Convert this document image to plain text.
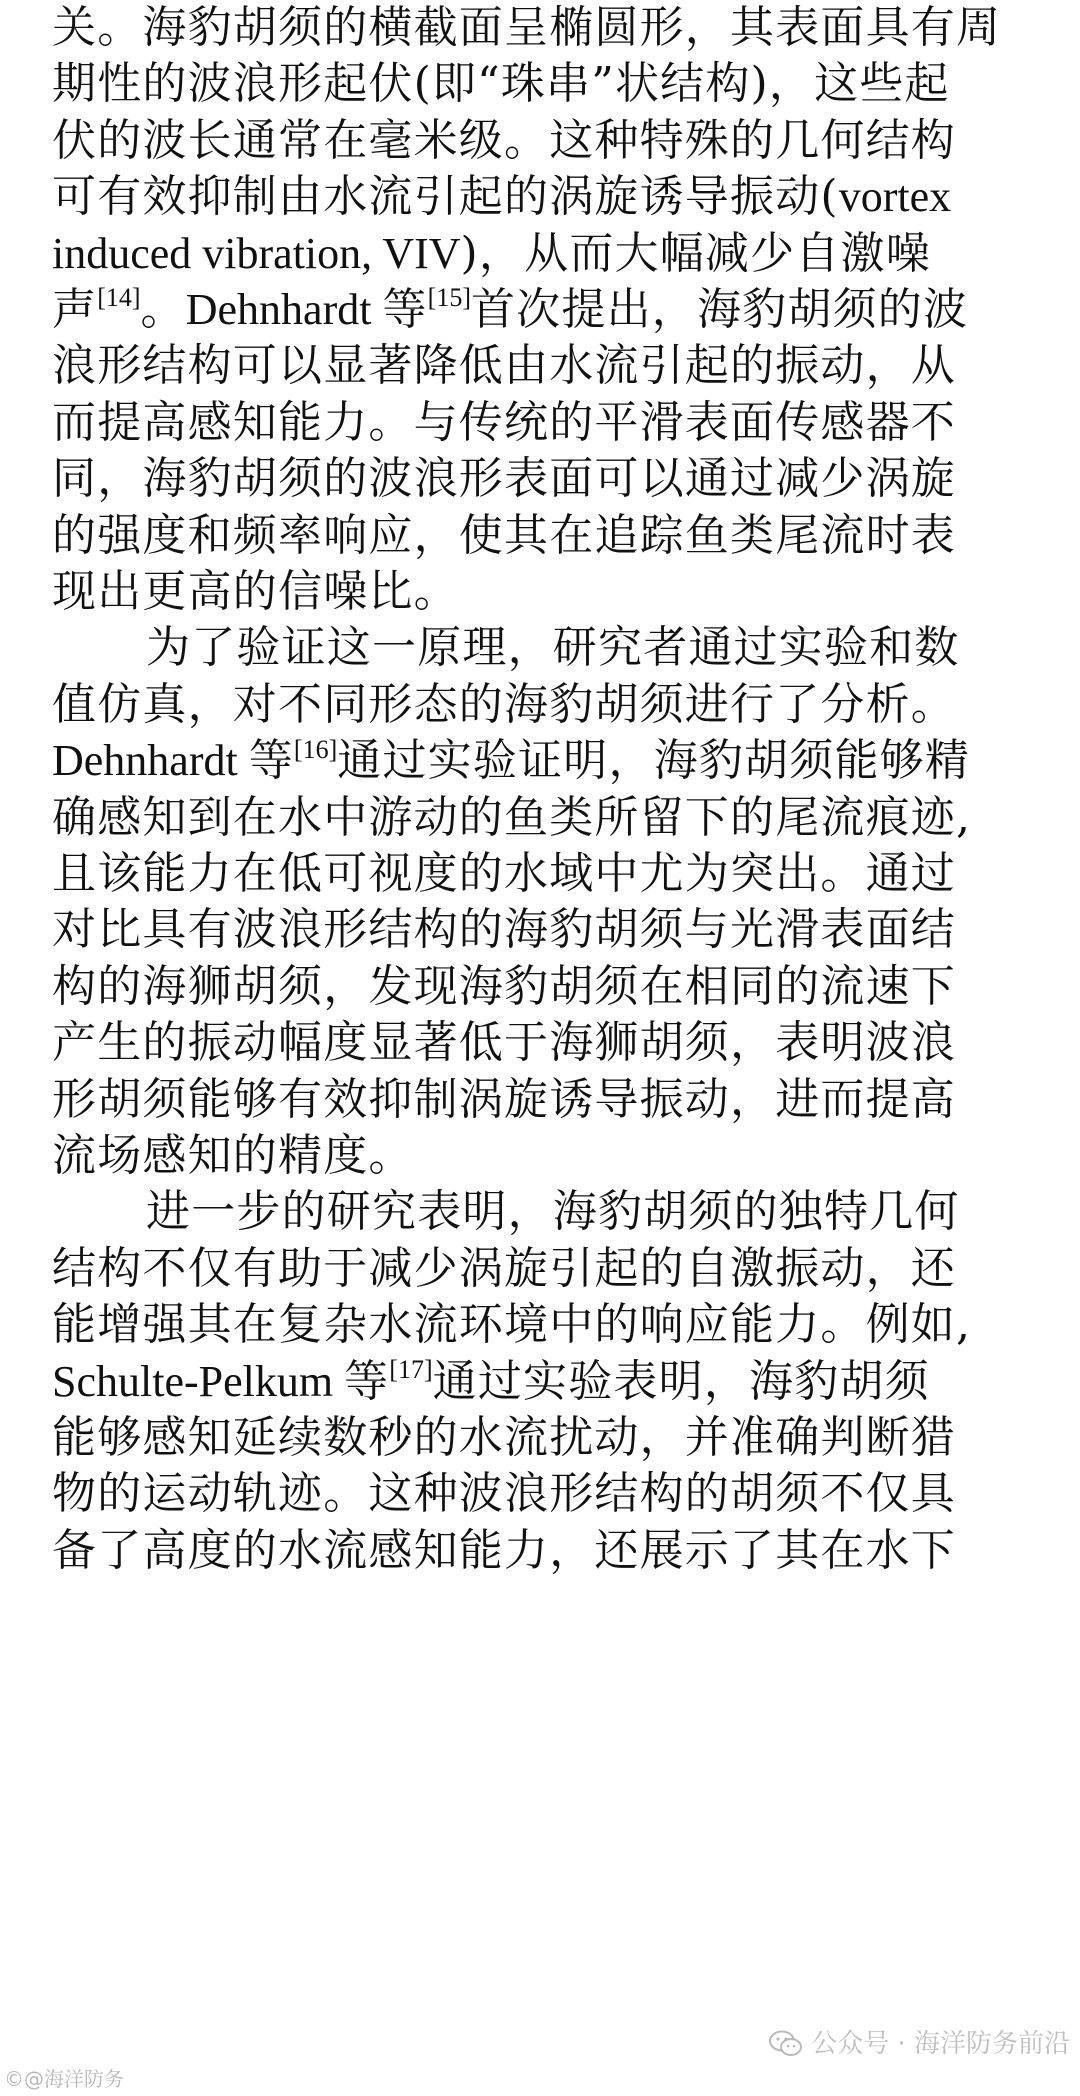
关。海豹胡须的横截面呈椭圆形，其表面具有周
期性的波浪形起伏(即“珠串”状结构)，这些起
伏的波长通常在毫米级。这种特殊的几何结构
可有效抑制由水流引起的涡旋诱导振动(vortex
induced vibration, VIV)，从而大幅减少自激噪
声[14]。Dehnhardt 等[15]首次提出，海豹胡须的波
浪形结构可以显著降低由水流引起的振动，从
而提高感知能力。与传统的平滑表面传感器不
同，海豹胡须的波浪形表面可以通过减少涡旋
的强度和频率响应，使其在追踪鱼类尾流时表
现出更高的信噪比。
为了验证这一原理，研究者通过实验和数
值仿真，对不同形态的海豹胡须进行了分析。
Dehnhardt 等[16]通过实验证明，海豹胡须能够精
确感知到在水中游动的鱼类所留下的尾流痕迹,
且该能力在低可视度的水域中尤为突出。通过
对比具有波浪形结构的海豹胡须与光滑表面结
构的海狮胡须，发现海豹胡须在相同的流速下
产生的振动幅度显著低于海狮胡须，表明波浪
形胡须能够有效抑制涡旋诱导振动，进而提高
流场感知的精度。
进一步的研究表明，海豹胡须的独特几何
结构不仅有助于减少涡旋引起的自激振动，还
能增强其在复杂水流环境中的响应能力。例如,
Schulte-Pelkum 等[17]通过实验表明，海豹胡须
能够感知延续数秒的水流扰动，并准确判断猎
物的运动轨迹。这种波浪形结构的胡须不仅具
备了高度的水流感知能力，还展示了其在水下
©@海洋防务
公众号 · 海洋防务前沿
